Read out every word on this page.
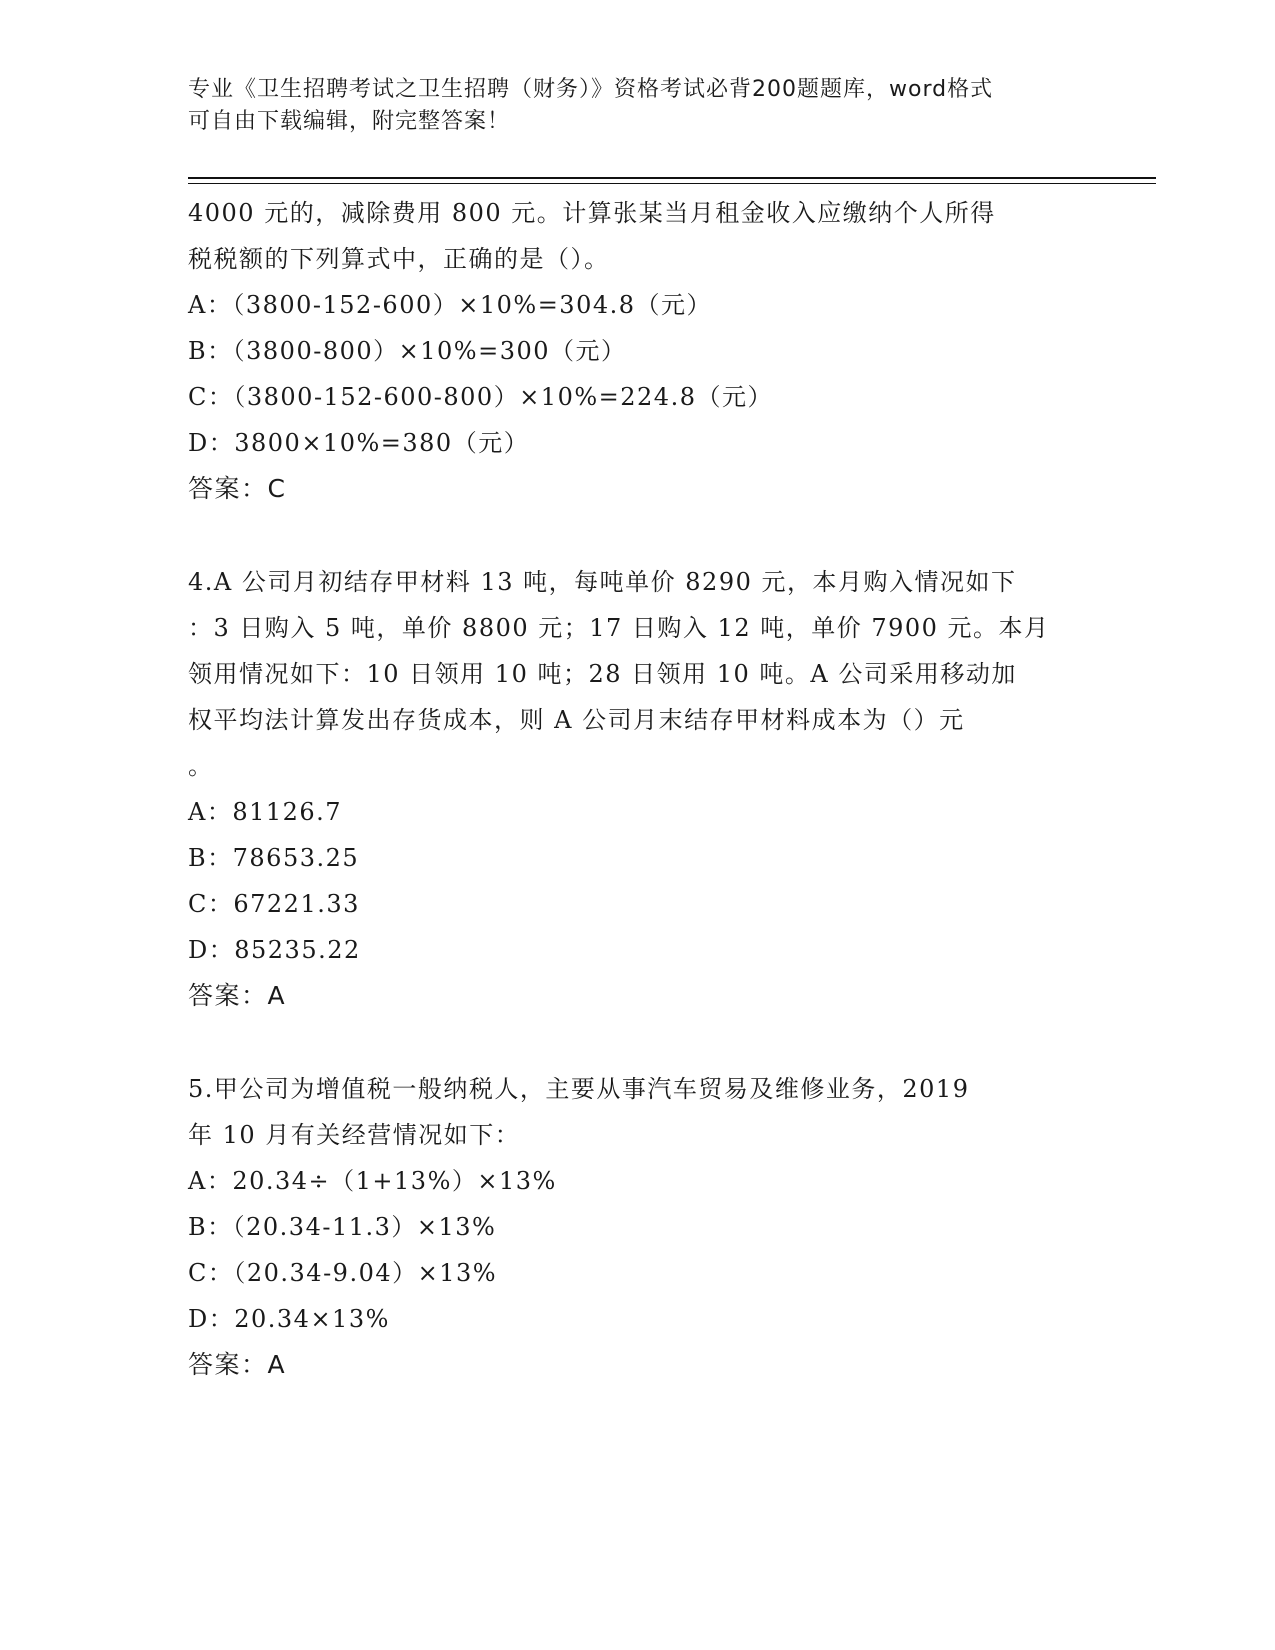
专业《卫生招聘考试之卫生招聘（财务）》资格考试必背200题题库，word格式
可自由下载编辑，附完整答案！
4000 元的，减除费用 800 元。计算张某当月租金收入应缴纳个人所得
税税额的下列算式中，正确的是（）。
A：（3800-152-600）×10%=304.8（元）
B：（3800-800）×10%=300（元）
C：（3800-152-600-800）×10%=224.8（元）
D：3800×10%=380（元）
答案：C
4.A 公司月初结存甲材料 13 吨，每吨单价 8290 元，本月购入情况如下
：3 日购入 5 吨，单价 8800 元；17 日购入 12 吨，单价 7900 元。本月
领用情况如下：10 日领用 10 吨；28 日领用 10 吨。A 公司采用移动加
权平均法计算发出存货成本，则 A 公司月末结存甲材料成本为（）元
。
A：81126.7
B：78653.25
C：67221.33
D：85235.22
答案：A
5.甲公司为增值税一般纳税人，主要从事汽车贸易及维修业务，2019
年 10 月有关经营情况如下：
A：20.34÷（1+13%）×13%
B：（20.34-11.3）×13%
C：（20.34-9.04）×13%
D：20.34×13%
答案：A
